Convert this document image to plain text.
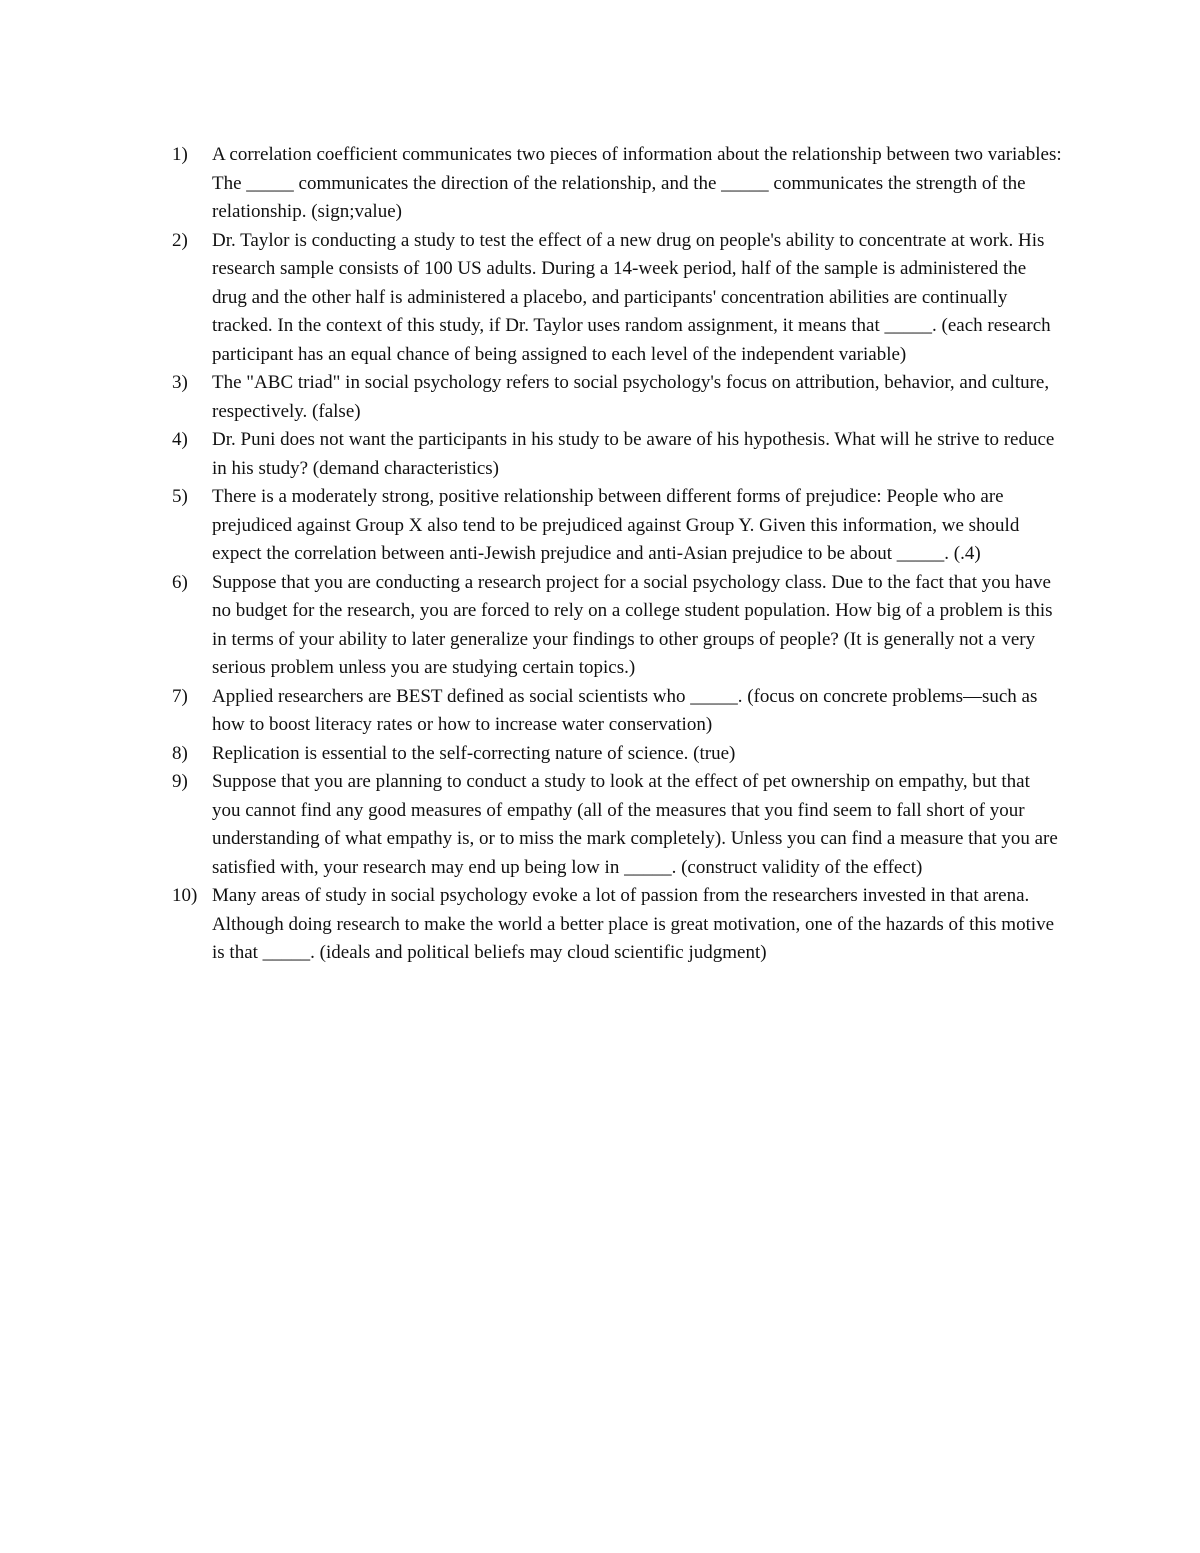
1)	A correlation coefficient communicates two pieces of information about the relationship between two variables: The _____ communicates the direction of the relationship, and the _____ communicates the strength of the relationship. (sign;value)
2)	Dr. Taylor is conducting a study to test the effect of a new drug on people's ability to concentrate at work. His research sample consists of 100 US adults. During a 14-week period, half of the sample is administered the drug and the other half is administered a placebo, and participants' concentration abilities are continually tracked. In the context of this study, if Dr. Taylor uses random assignment, it means that _____. (each research participant has an equal chance of being assigned to each level of the independent variable)
3)	The "ABC triad" in social psychology refers to social psychology's focus on attribution, behavior, and culture, respectively. (false)
4)	Dr. Puni does not want the participants in his study to be aware of his hypothesis. What will he strive to reduce in his study? (demand characteristics)
5)	There is a moderately strong, positive relationship between different forms of prejudice: People who are prejudiced against Group X also tend to be prejudiced against Group Y. Given this information, we should expect the correlation between anti-Jewish prejudice and anti-Asian prejudice to be about _____. (.4)
6)	Suppose that you are conducting a research project for a social psychology class. Due to the fact that you have no budget for the research, you are forced to rely on a college student population. How big of a problem is this in terms of your ability to later generalize your findings to other groups of people? (It is generally not a very serious problem unless you are studying certain topics.)
7)	Applied researchers are BEST defined as social scientists who _____. (focus on concrete problems—such as how to boost literacy rates or how to increase water conservation)
8)	Replication is essential to the self-correcting nature of science. (true)
9)	Suppose that you are planning to conduct a study to look at the effect of pet ownership on empathy, but that you cannot find any good measures of empathy (all of the measures that you find seem to fall short of your understanding of what empathy is, or to miss the mark completely). Unless you can find a measure that you are satisfied with, your research may end up being low in _____. (construct validity of the effect)
10) Many areas of study in social psychology evoke a lot of passion from the researchers invested in that arena. Although doing research to make the world a better place is great motivation, one of the hazards of this motive is that _____. (ideals and political beliefs may cloud scientific judgment)
